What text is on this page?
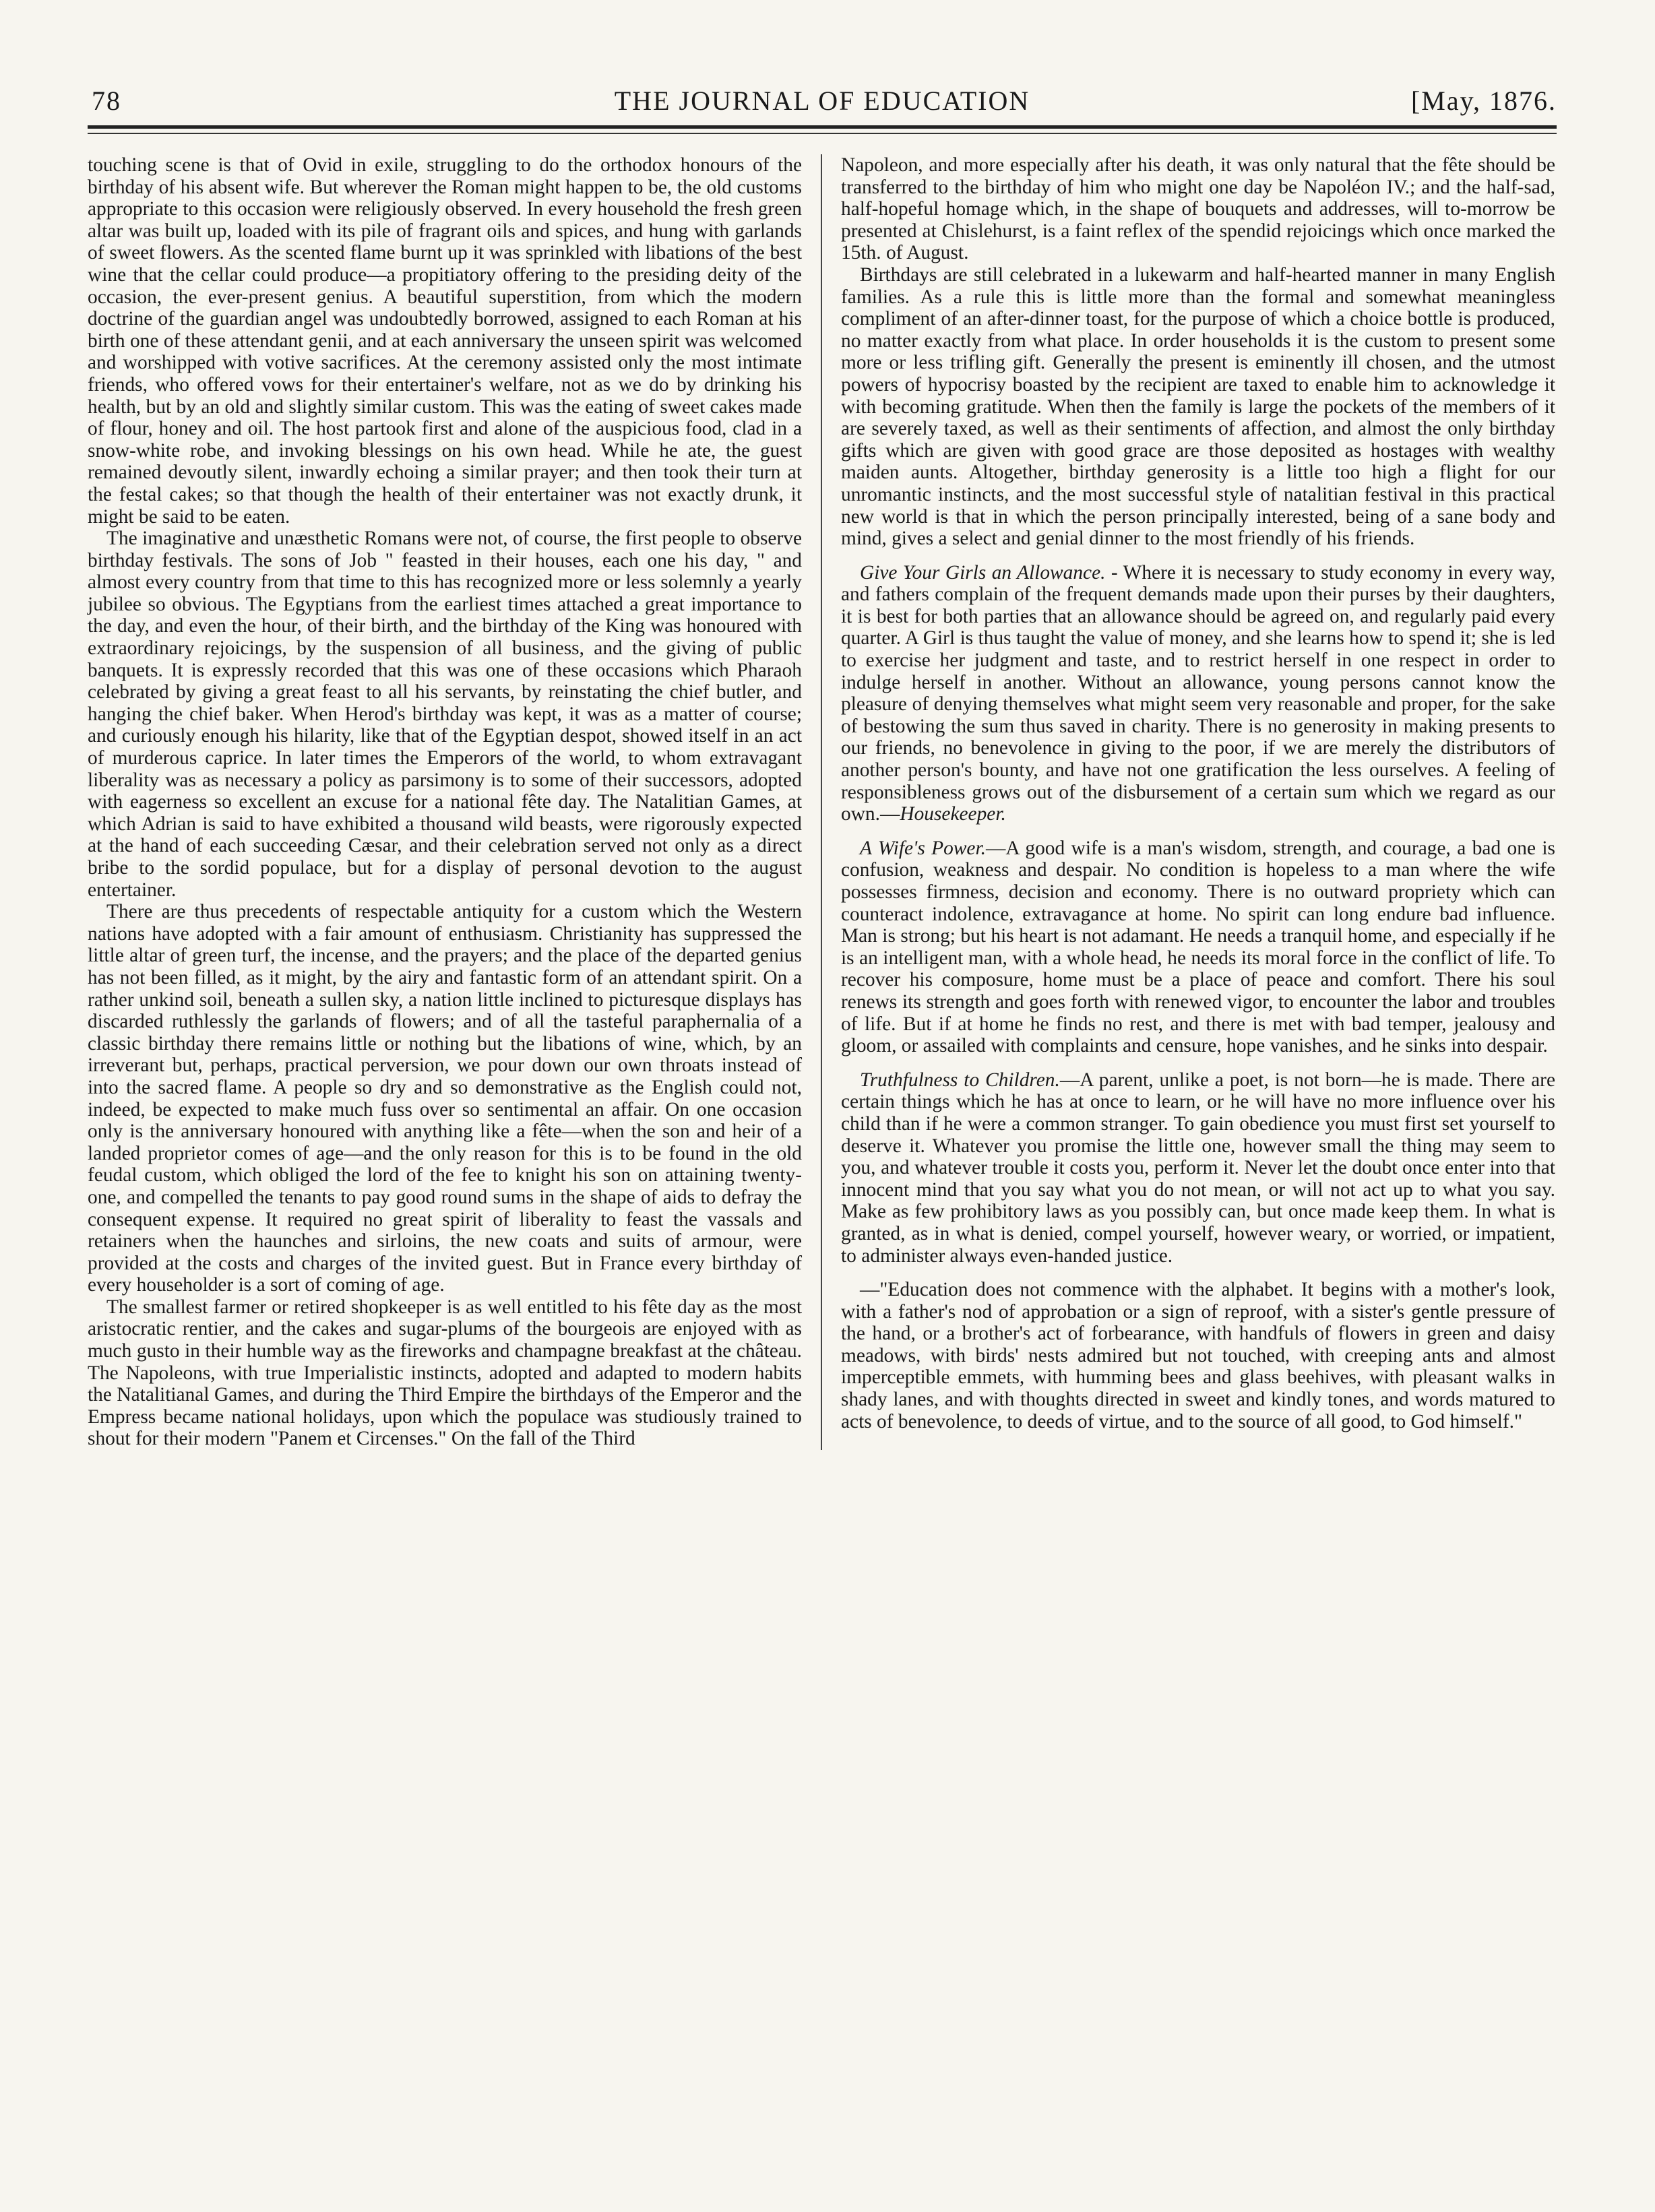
78	THE JOURNAL OF EDUCATION	[May, 1876.

touching scene is that of Ovid in exile, struggling to do the orthodox honours of the birthday of his absent wife. But wherever the Roman might happen to be, the old customs appropriate to this occasion were religiously observed. In every household the fresh green altar was built up, loaded with its pile of fragrant oils and spices, and hung with garlands of sweet flowers. As the scented flame burnt up it was sprinkled with libations of the best wine that the cellar could produce—a propitiatory offering to the presiding deity of the occasion, the ever-present genius. A beautiful superstition, from which the modern doctrine of the guardian angel was undoubtedly borrowed, assigned to each Roman at his birth one of these attendant genii, and at each anniversary the unseen spirit was welcomed and worshipped with votive sacrifices. At the ceremony assisted only the most intimate friends, who offered vows for their entertainer's welfare, not as we do by drinking his health, but by an old and slightly similar custom. This was the eating of sweet cakes made of flour, honey and oil. The host partook first and alone of the auspicious food, clad in a snow-white robe, and invoking blessings on his own head. While he ate, the guest remained devoutly silent, inwardly echoing a similar prayer; and then took their turn at the festal cakes; so that though the health of their entertainer was not exactly drunk, it might be said to be eaten.

The imaginative and unæsthetic Romans were not, of course, the first people to observe birthday festivals. The sons of Job " feasted in their houses, each one his day, " and almost every country from that time to this has recognized more or less solemnly a yearly jubilee so obvious. The Egyptians from the earliest times attached a great importance to the day, and even the hour, of their birth, and the birthday of the King was honoured with extraordinary rejoicings, by the suspension of all business, and the giving of public banquets. It is expressly recorded that this was one of these occasions which Pharaoh celebrated by giving a great feast to all his servants, by reinstating the chief butler, and hanging the chief baker. When Herod's birthday was kept, it was as a matter of course; and curiously enough his hilarity, like that of the Egyptian despot, showed itself in an act of murderous caprice. In later times the Emperors of the world, to whom extravagant liberality was as necessary a policy as parsimony is to some of their successors, adopted with eagerness so excellent an excuse for a national fête day. The Natalitian Games, at which Adrian is said to have exhibited a thousand wild beasts, were rigorously expected at the hand of each succeeding Cæsar, and their celebration served not only as a direct bribe to the sordid populace, but for a display of personal devotion to the august entertainer.

There are thus precedents of respectable antiquity for a custom which the Western nations have adopted with a fair amount of enthusiasm. Christianity has suppressed the little altar of green turf, the incense, and the prayers; and the place of the departed genius has not been filled, as it might, by the airy and fantastic form of an attendant spirit. On a rather unkind soil, beneath a sullen sky, a nation little inclined to picturesque displays has discarded ruthlessly the garlands of flowers; and of all the tasteful paraphernalia of a classic birthday there remains little or nothing but the libations of wine, which, by an irreverant but, perhaps, practical perversion, we pour down our own throats instead of into the sacred flame. A people so dry and so demonstrative as the English could not, indeed, be expected to make much fuss over so sentimental an affair. On one occasion only is the anniversary honoured with anything like a fête—when the son and heir of a landed proprietor comes of age—and the only reason for this is to be found in the old feudal custom, which obliged the lord of the fee to knight his son on attaining twenty-one, and compelled the tenants to pay good round sums in the shape of aids to defray the consequent expense. It required no great spirit of liberality to feast the vassals and retainers when the haunches and sirloins, the new coats and suits of armour, were provided at the costs and charges of the invited guest. But in France every birthday of every householder is a sort of coming of age.

The smallest farmer or retired shopkeeper is as well entitled to his fête day as the most aristocratic rentier, and the cakes and sugar-plums of the bourgeois are enjoyed with as much gusto in their humble way as the fireworks and champagne breakfast at the château. The Napoleons, with true Imperialistic instincts, adopted and adapted to modern habits the Natalitianal Games, and during the Third Empire the birthdays of the Emperor and the Empress became national holidays, upon which the populace was studiously trained to shout for their modern "Panem et Circenses." On the fall of the Third

Napoleon, and more especially after his death, it was only natural that the fête should be transferred to the birthday of him who might one day be Napoléon IV.; and the half-sad, half-hopeful homage which, in the shape of bouquets and addresses, will to-morrow be presented at Chislehurst, is a faint reflex of the spendid rejoicings which once marked the 15th. of August.

Birthdays are still celebrated in a lukewarm and half-hearted manner in many English families. As a rule this is little more than the formal and somewhat meaningless compliment of an after-dinner toast, for the purpose of which a choice bottle is produced, no matter exactly from what place. In order households it is the custom to present some more or less trifling gift. Generally the present is eminently ill chosen, and the utmost powers of hypocrisy boasted by the recipient are taxed to enable him to acknowledge it with becoming gratitude. When then the family is large the pockets of the members of it are severely taxed, as well as their sentiments of affection, and almost the only birthday gifts which are given with good grace are those deposited as hostages with wealthy maiden aunts. Altogether, birthday generosity is a little too high a flight for our unromantic instincts, and the most successful style of natalitian festival in this practical new world is that in which the person principally interested, being of a sane body and mind, gives a select and genial dinner to the most friendly of his friends.

Give Your Girls an Allowance. - Where it is necessary to study economy in every way, and fathers complain of the frequent demands made upon their purses by their daughters, it is best for both parties that an allowance should be agreed on, and regularly paid every quarter. A Girl is thus taught the value of money, and she learns how to spend it; she is led to exercise her judgment and taste, and to restrict herself in one respect in order to indulge herself in another. Without an allowance, young persons cannot know the pleasure of denying themselves what might seem very reasonable and proper, for the sake of bestowing the sum thus saved in charity. There is no generosity in making presents to our friends, no benevolence in giving to the poor, if we are merely the distributors of another person's bounty, and have not one gratification the less ourselves. A feeling of responsibleness grows out of the disbursement of a certain sum which we regard as our own.—Housekeeper.

A Wife's Power.—A good wife is a man's wisdom, strength, and courage, a bad one is confusion, weakness and despair. No condition is hopeless to a man where the wife possesses firmness, decision and economy. There is no outward propriety which can counteract indolence, extravagance at home. No spirit can long endure bad influence. Man is strong; but his heart is not adamant. He needs a tranquil home, and especially if he is an intelligent man, with a whole head, he needs its moral force in the conflict of life. To recover his composure, home must be a place of peace and comfort. There his soul renews its strength and goes forth with renewed vigor, to encounter the labor and troubles of life. But if at home he finds no rest, and there is met with bad temper, jealousy and gloom, or assailed with complaints and censure, hope vanishes, and he sinks into despair.

Truthfulness to Children.—A parent, unlike a poet, is not born—he is made. There are certain things which he has at once to learn, or he will have no more influence over his child than if he were a common stranger. To gain obedience you must first set yourself to deserve it. Whatever you promise the little one, however small the thing may seem to you, and whatever trouble it costs you, perform it. Never let the doubt once enter into that innocent mind that you say what you do not mean, or will not act up to what you say. Make as few prohibitory laws as you possibly can, but once made keep them. In what is granted, as in what is denied, compel yourself, however weary, or worried, or impatient, to administer always even-handed justice.

—"Education does not commence with the alphabet. It begins with a mother's look, with a father's nod of approbation or a sign of reproof, with a sister's gentle pressure of the hand, or a brother's act of forbearance, with handfuls of flowers in green and daisy meadows, with birds' nests admired but not touched, with creeping ants and almost imperceptible emmets, with humming bees and glass beehives, with pleasant walks in shady lanes, and with thoughts directed in sweet and kindly tones, and words matured to acts of benevolence, to deeds of virtue, and to the source of all good, to God himself."
